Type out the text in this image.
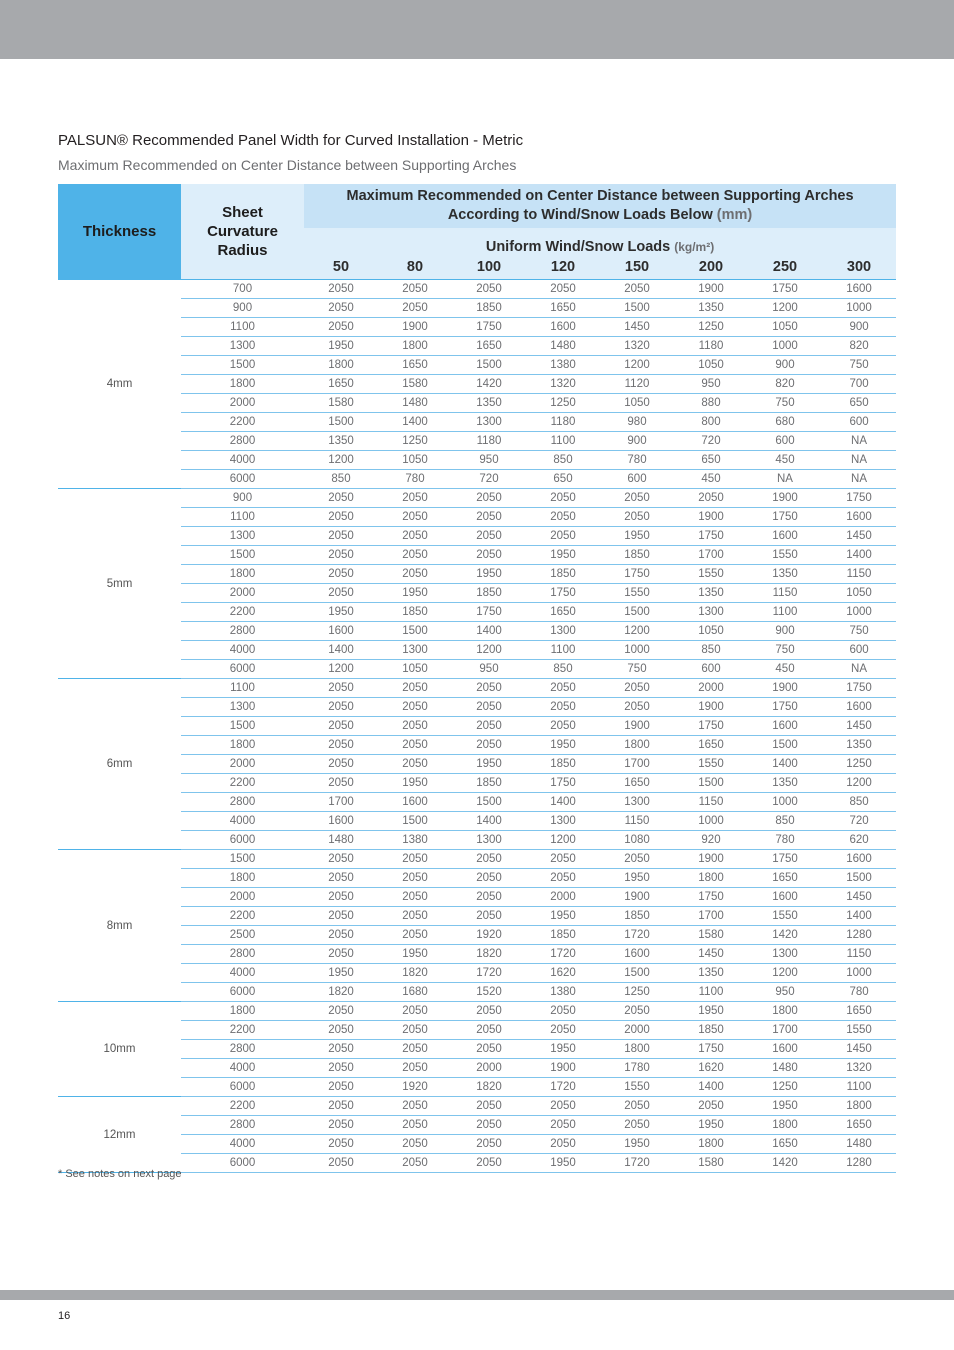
PALSUN® Recommended Panel Width for Curved Installation - Metric
Maximum Recommended on Center Distance between Supporting Arches
Thickness	Sheet Curvature
Radius	Maximum Recommended on Center Distance between Supporting Arches
According to Wind/Snow Loads Below (mm)							
		Uniform Wind/Snow Loads (kg/m²)							
		50	80	100	120	150	200	250	300
4mm	700	2050	2050	2050	2050	2050	1900	1750	1600
	900	2050	2050	1850	1650	1500	1350	1200	1000
	1100	2050	1900	1750	1600	1450	1250	1050	900
	1300	1950	1800	1650	1480	1320	1180	1000	820
	1500	1800	1650	1500	1380	1200	1050	900	750
	1800	1650	1580	1420	1320	1120	950	820	700
	2000	1580	1480	1350	1250	1050	880	750	650
	2200	1500	1400	1300	1180	980	800	680	600
	2800	1350	1250	1180	1100	900	720	600	NA
	4000	1200	1050	950	850	780	650	450	NA
	6000	850	780	720	650	600	450	NA	NA
5mm	900	2050	2050	2050	2050	2050	2050	1900	1750
	1100	2050	2050	2050	2050	2050	1900	1750	1600
	1300	2050	2050	2050	2050	1950	1750	1600	1450
	1500	2050	2050	2050	1950	1850	1700	1550	1400
	1800	2050	2050	1950	1850	1750	1550	1350	1150
	2000	2050	1950	1850	1750	1550	1350	1150	1050
	2200	1950	1850	1750	1650	1500	1300	1100	1000
	2800	1600	1500	1400	1300	1200	1050	900	750
	4000	1400	1300	1200	1100	1000	850	750	600
	6000	1200	1050	950	850	750	600	450	NA
6mm	1100	2050	2050	2050	2050	2050	2000	1900	1750
	1300	2050	2050	2050	2050	2050	1900	1750	1600
	1500	2050	2050	2050	2050	1900	1750	1600	1450
	1800	2050	2050	2050	1950	1800	1650	1500	1350
	2000	2050	2050	1950	1850	1700	1550	1400	1250
	2200	2050	1950	1850	1750	1650	1500	1350	1200
	2800	1700	1600	1500	1400	1300	1150	1000	850
	4000	1600	1500	1400	1300	1150	1000	850	720
	6000	1480	1380	1300	1200	1080	920	780	620
8mm	1500	2050	2050	2050	2050	2050	1900	1750	1600
	1800	2050	2050	2050	2050	1950	1800	1650	1500
	2000	2050	2050	2050	2000	1900	1750	1600	1450
	2200	2050	2050	2050	1950	1850	1700	1550	1400
	2500	2050	2050	1920	1850	1720	1580	1420	1280
	2800	2050	1950	1820	1720	1600	1450	1300	1150
	4000	1950	1820	1720	1620	1500	1350	1200	1000
	6000	1820	1680	1520	1380	1250	1100	950	780
10mm	1800	2050	2050	2050	2050	2050	1950	1800	1650
	2200	2050	2050	2050	2050	2000	1850	1700	1550
	2800	2050	2050	2050	1950	1800	1750	1600	1450
	4000	2050	2050	2000	1900	1780	1620	1480	1320
	6000	2050	1920	1820	1720	1550	1400	1250	1100
12mm	2200	2050	2050	2050	2050	2050	2050	1950	1800
	2800	2050	2050	2050	2050	2050	1950	1800	1650
	4000	2050	2050	2050	2050	1950	1800	1650	1480
	6000	2050	2050	2050	1950	1720	1580	1420	1280
* See notes on next page
16
